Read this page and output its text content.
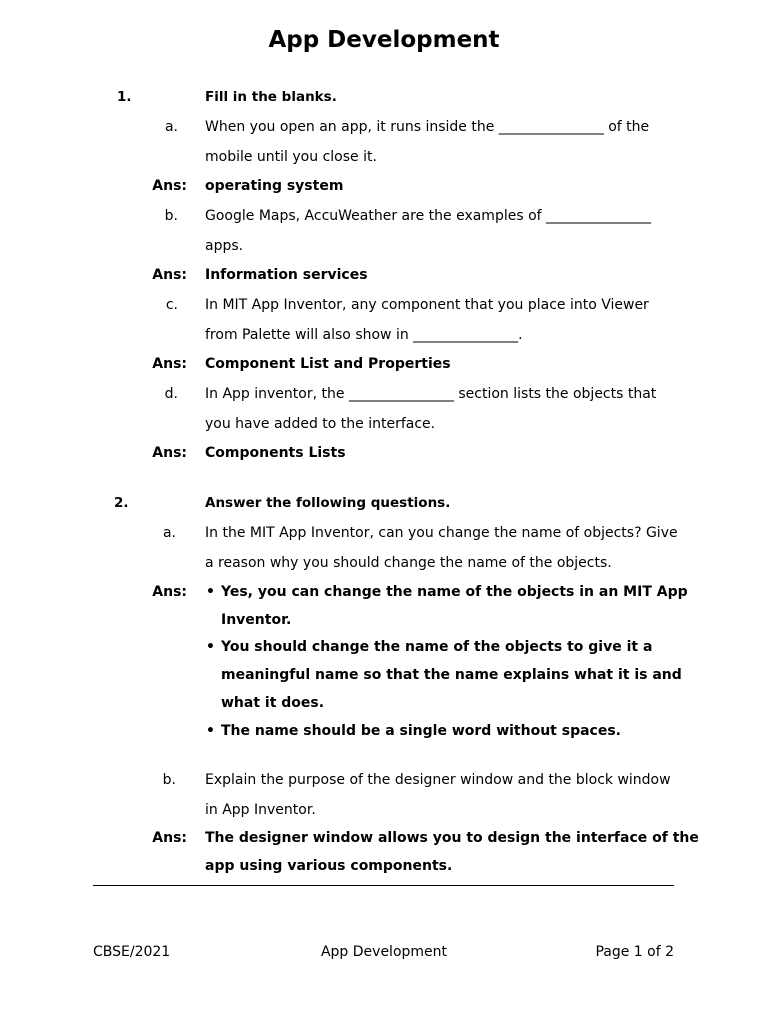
App Development
1.	Fill in the blanks.
a. When you open an app, it runs inside the _______________ of the
mobile until you close it.
Ans: operating system
b. Google Maps, AccuWeather are the examples of _______________
apps.
Ans: Information services
c. In MIT App Inventor, any component that you place into Viewer
from Palette will also show in _______________.
Ans: Component List and Properties
d. In App inventor, the _______________ section lists the objects that
you have added to the interface.
Ans: Components Lists
2.	Answer the following questions.
a. In the MIT App Inventor, can you change the name of objects? Give
a reason why you should change the name of the objects.
Ans: • Yes, you can change the name of the objects in an MIT App
Inventor.
• You should change the name of the objects to give it a
meaningful name so that the name explains what it is and
what it does.
• The name should be a single word without spaces.
b. Explain the purpose of the designer window and the block window
in App Inventor.
Ans: The designer window allows you to design the interface of the
app using various components.
CBSE/2021	App Development	Page 1 of 2
